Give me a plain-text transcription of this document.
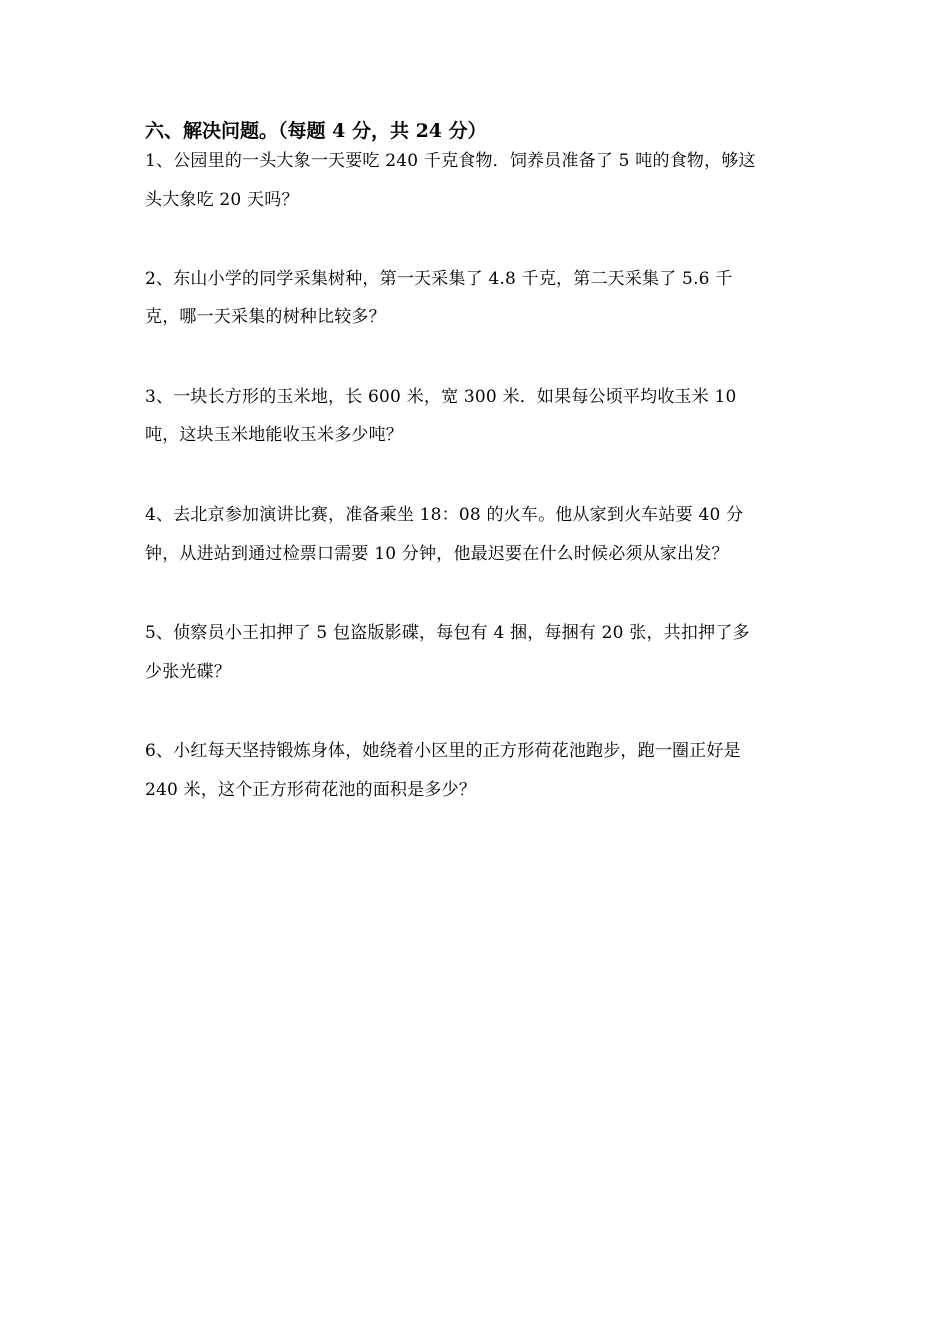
六、解决问题。（每题 4 分，共 24 分）
1、公园里的一头大象一天要吃 240 千克食物．饲养员准备了 5 吨的食物，够这
头大象吃 20 天吗？
2、东山小学的同学采集树种，第一天采集了 4.8 千克，第二天采集了 5.6 千
克，哪一天采集的树种比较多？
3、一块长方形的玉米地，长 600 米，宽 300 米．如果每公顷平均收玉米 10
吨，这块玉米地能收玉米多少吨？
4、去北京参加演讲比赛，准备乘坐 18：08 的火车。他从家到火车站要 40 分
钟，从进站到通过检票口需要 10 分钟，他最迟要在什么时候必须从家出发？
5、侦察员小王扣押了 5 包盗版影碟，每包有 4 捆，每捆有 20 张，共扣押了多
少张光碟？
6、小红每天坚持锻炼身体，她绕着小区里的正方形荷花池跑步，跑一圈正好是
240 米，这个正方形荷花池的面积是多少？
